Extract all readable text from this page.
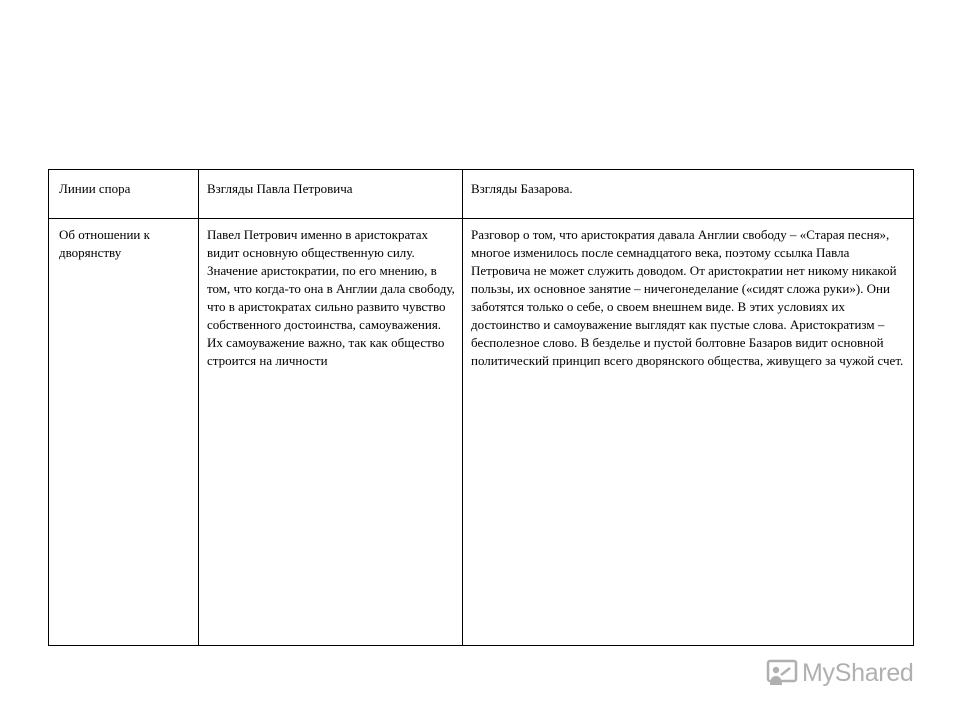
Линии спора	Взгляды Павла Петровича	Взгляды Базарова.
Об отношении к дворянству
Павел Петрович именно в аристократах видит основную общественную силу. Значение аристократии, по его мнению, в том, что когда-то она в Англии дала свободу, что в аристократах сильно развито чувство собственного достоинства, самоуважения. Их самоуважение важно, так как общество строится на личности
Разговор о том, что аристократия давала Англии свободу – «Старая песня», многое изменилось после семнадцатого века, поэтому ссылка Павла Петровича не может служить доводом. От аристократии нет никому никакой пользы, их основное занятие – ничегонеделание («сидят сложа руки»). Они заботятся только о себе, о своем внешнем виде. В этих условиях их достоинство и самоуважение выглядят как пустые слова. Аристократизм – бесполезное слово. В безделье и пустой болтовне Базаров видит основной политический принцип всего дворянского общества, живущего за чужой счет.
MyShared
